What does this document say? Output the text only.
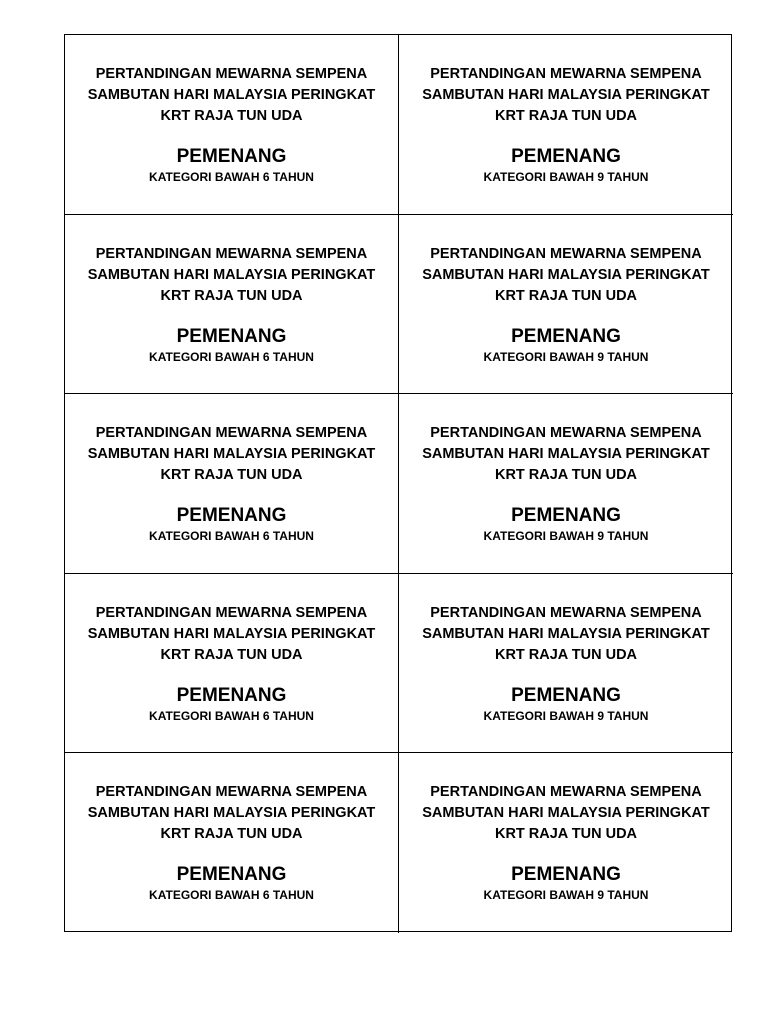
PERTANDINGAN MEWARNA SEMPENA
SAMBUTAN HARI MALAYSIA PERINGKAT
KRT RAJA TUN UDA
PEMENANG
KATEGORI BAWAH 6 TAHUN
PERTANDINGAN MEWARNA SEMPENA
SAMBUTAN HARI MALAYSIA PERINGKAT
KRT RAJA TUN UDA
PEMENANG
KATEGORI BAWAH 9 TAHUN
PERTANDINGAN MEWARNA SEMPENA
SAMBUTAN HARI MALAYSIA PERINGKAT
KRT RAJA TUN UDA
PEMENANG
KATEGORI BAWAH 6 TAHUN
PERTANDINGAN MEWARNA SEMPENA
SAMBUTAN HARI MALAYSIA PERINGKAT
KRT RAJA TUN UDA
PEMENANG
KATEGORI BAWAH 9 TAHUN
PERTANDINGAN MEWARNA SEMPENA
SAMBUTAN HARI MALAYSIA PERINGKAT
KRT RAJA TUN UDA
PEMENANG
KATEGORI BAWAH 6 TAHUN
PERTANDINGAN MEWARNA SEMPENA
SAMBUTAN HARI MALAYSIA PERINGKAT
KRT RAJA TUN UDA
PEMENANG
KATEGORI BAWAH 9 TAHUN
PERTANDINGAN MEWARNA SEMPENA
SAMBUTAN HARI MALAYSIA PERINGKAT
KRT RAJA TUN UDA
PEMENANG
KATEGORI BAWAH 6 TAHUN
PERTANDINGAN MEWARNA SEMPENA
SAMBUTAN HARI MALAYSIA PERINGKAT
KRT RAJA TUN UDA
PEMENANG
KATEGORI BAWAH 9 TAHUN
PERTANDINGAN MEWARNA SEMPENA
SAMBUTAN HARI MALAYSIA PERINGKAT
KRT RAJA TUN UDA
PEMENANG
KATEGORI BAWAH 6 TAHUN
PERTANDINGAN MEWARNA SEMPENA
SAMBUTAN HARI MALAYSIA PERINGKAT
KRT RAJA TUN UDA
PEMENANG
KATEGORI BAWAH 9 TAHUN
